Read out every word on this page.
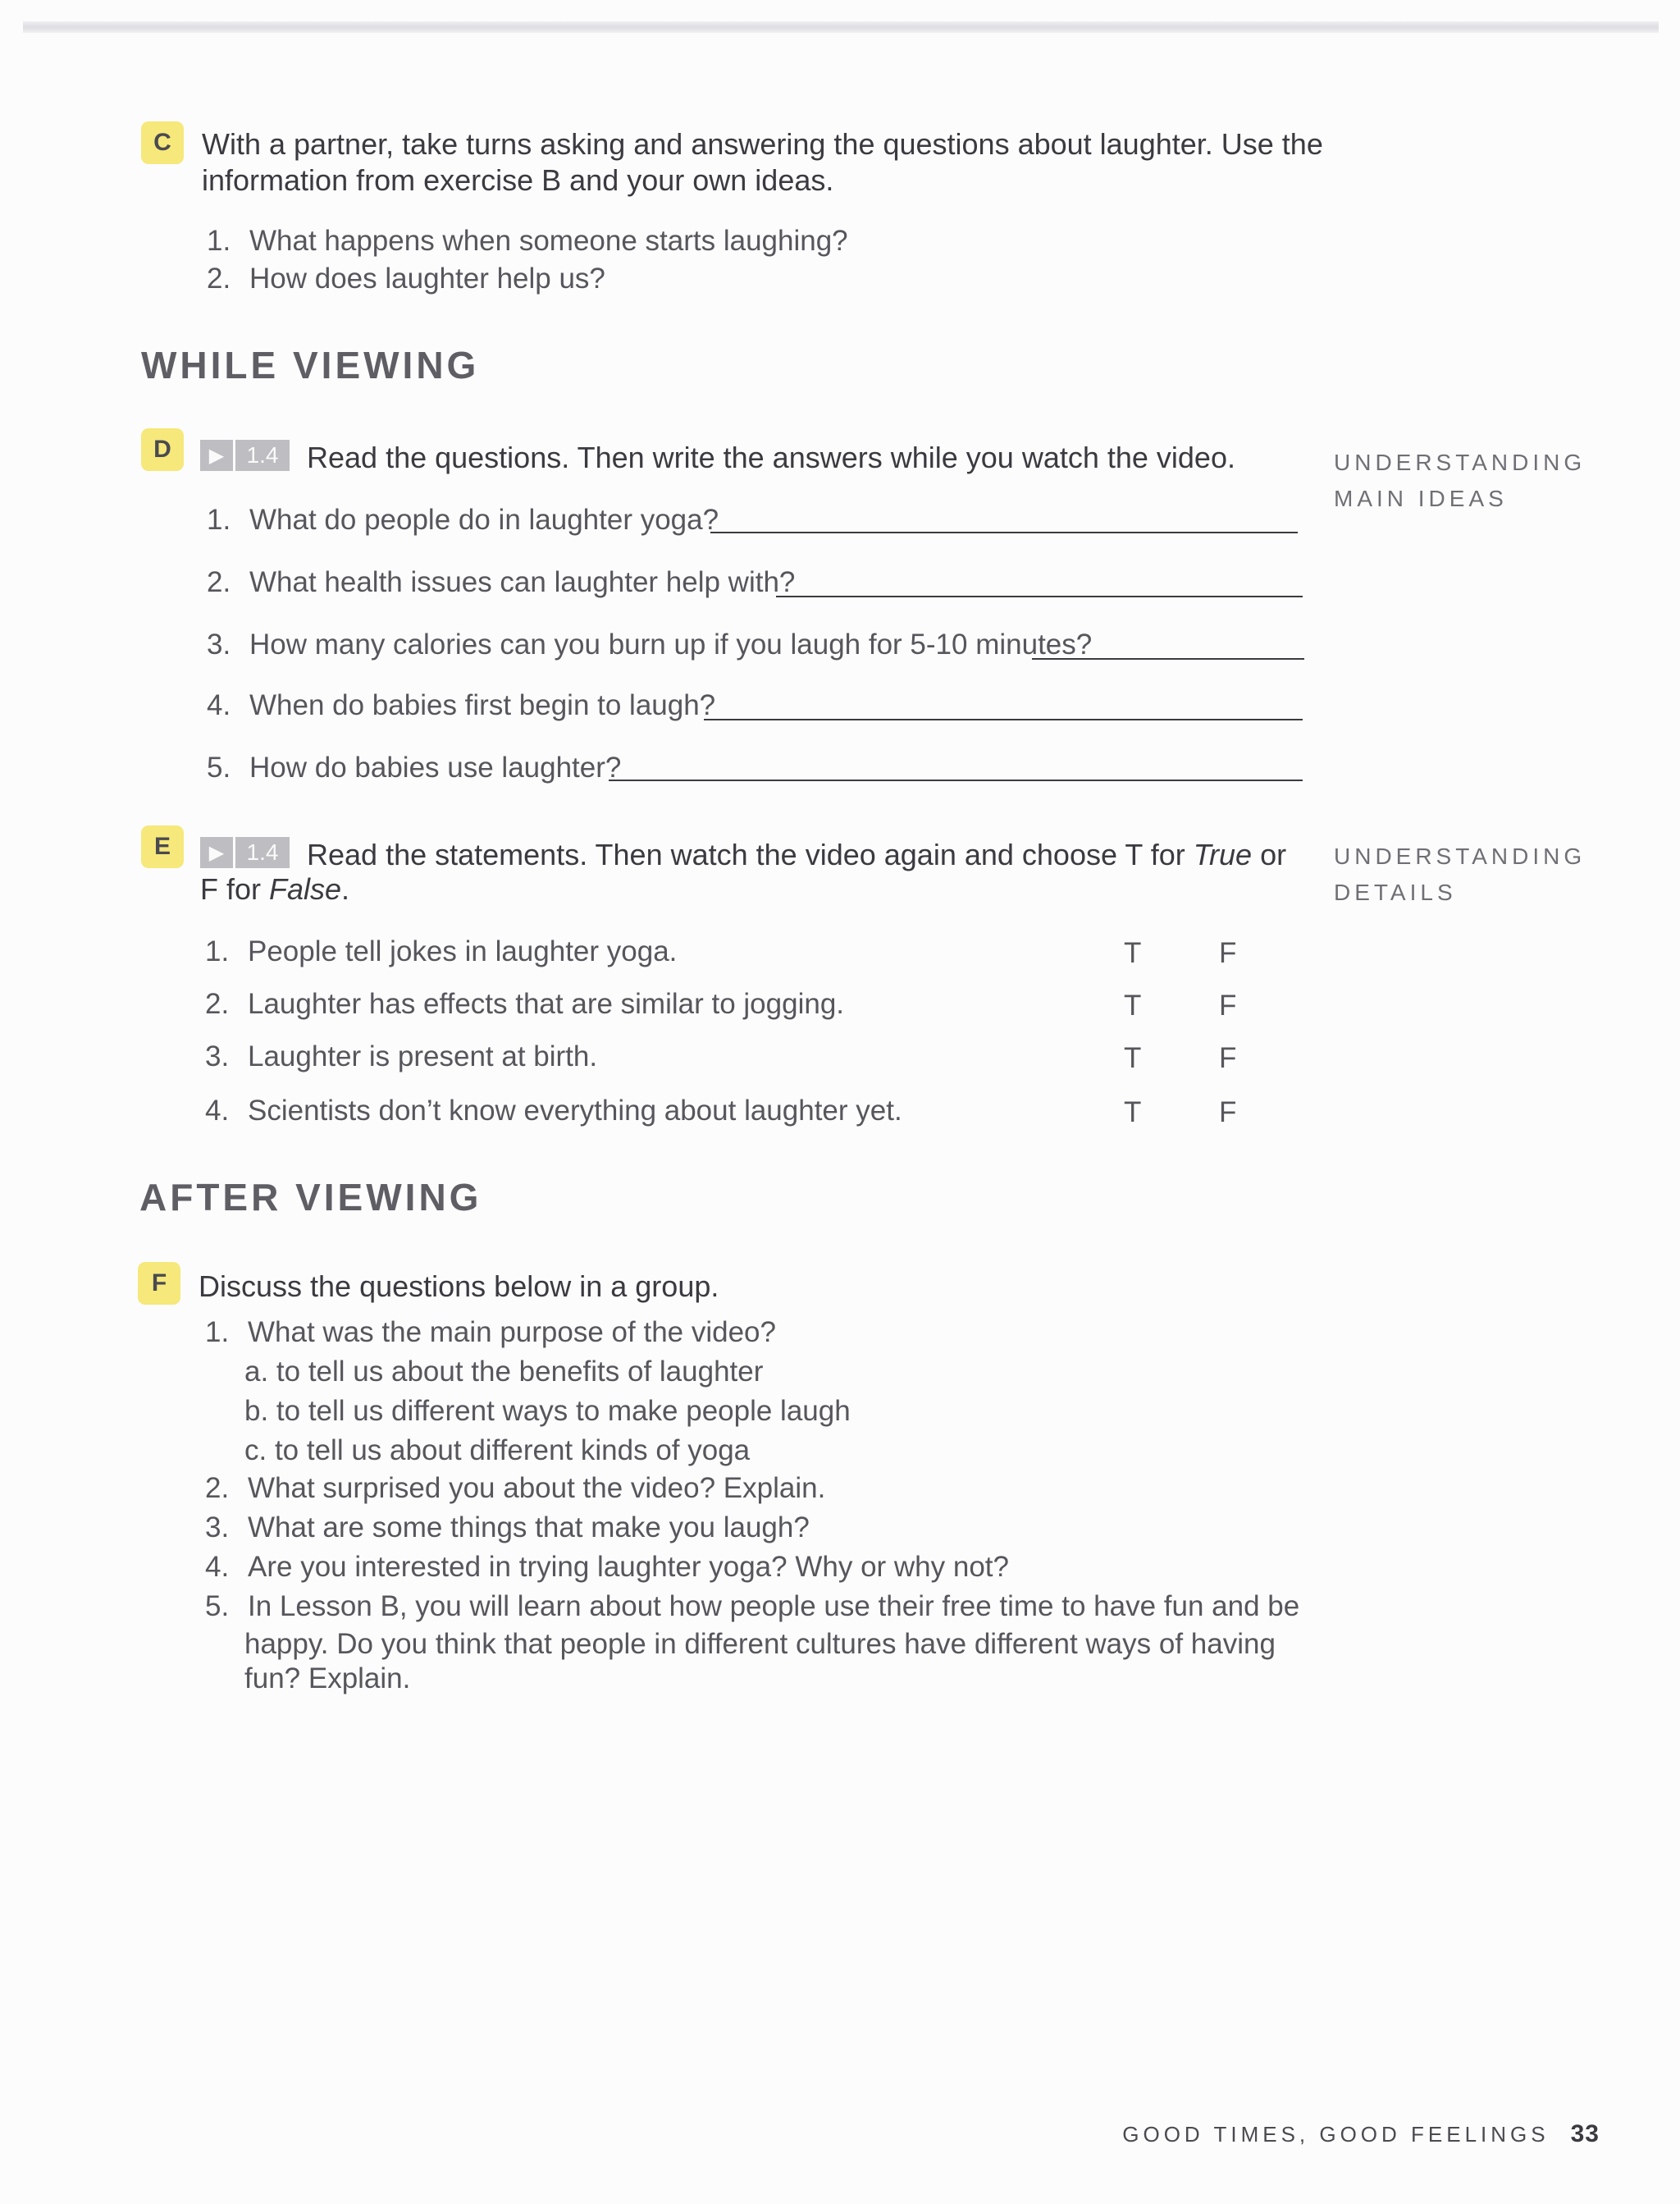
C	With a partner, take turns asking and answering the questions about laughter. Use the
information from exercise B and your own ideas.
1. What happens when someone starts laughing?
2. How does laughter help us?
WHILE VIEWING
D	▶ 1.4 Read the questions. Then write the answers while you watch the video.	UNDERSTANDING
MAIN IDEAS
1. What do people do in laughter yoga?
2. What health issues can laughter help with?
3. How many calories can you burn up if you laugh for 5-10 minutes?
4. When do babies first begin to laugh?
5. How do babies use laughter?
E	▶ 1.4 Read the statements. Then watch the video again and choose T for True or
F for False.
UNDERSTANDING
DETAILS
1. People tell jokes in laughter yoga.	T	F
2. Laughter has effects that are similar to jogging.	T	F
3. Laughter is present at birth.	T	F
4. Scientists don’t know everything about laughter yet.	T	F
AFTER VIEWING
F	Discuss the questions below in a group.
1. What was the main purpose of the video?
a. to tell us about the benefits of laughter
b. to tell us different ways to make people laugh
c. to tell us about different kinds of yoga
2. What surprised you about the video? Explain.
3. What are some things that make you laugh?
4. Are you interested in trying laughter yoga? Why or why not?
5. In Lesson B, you will learn about how people use their free time to have fun and be
happy. Do you think that people in different cultures have different ways of having
fun? Explain.
GOOD TIMES, GOOD FEELINGS 33
